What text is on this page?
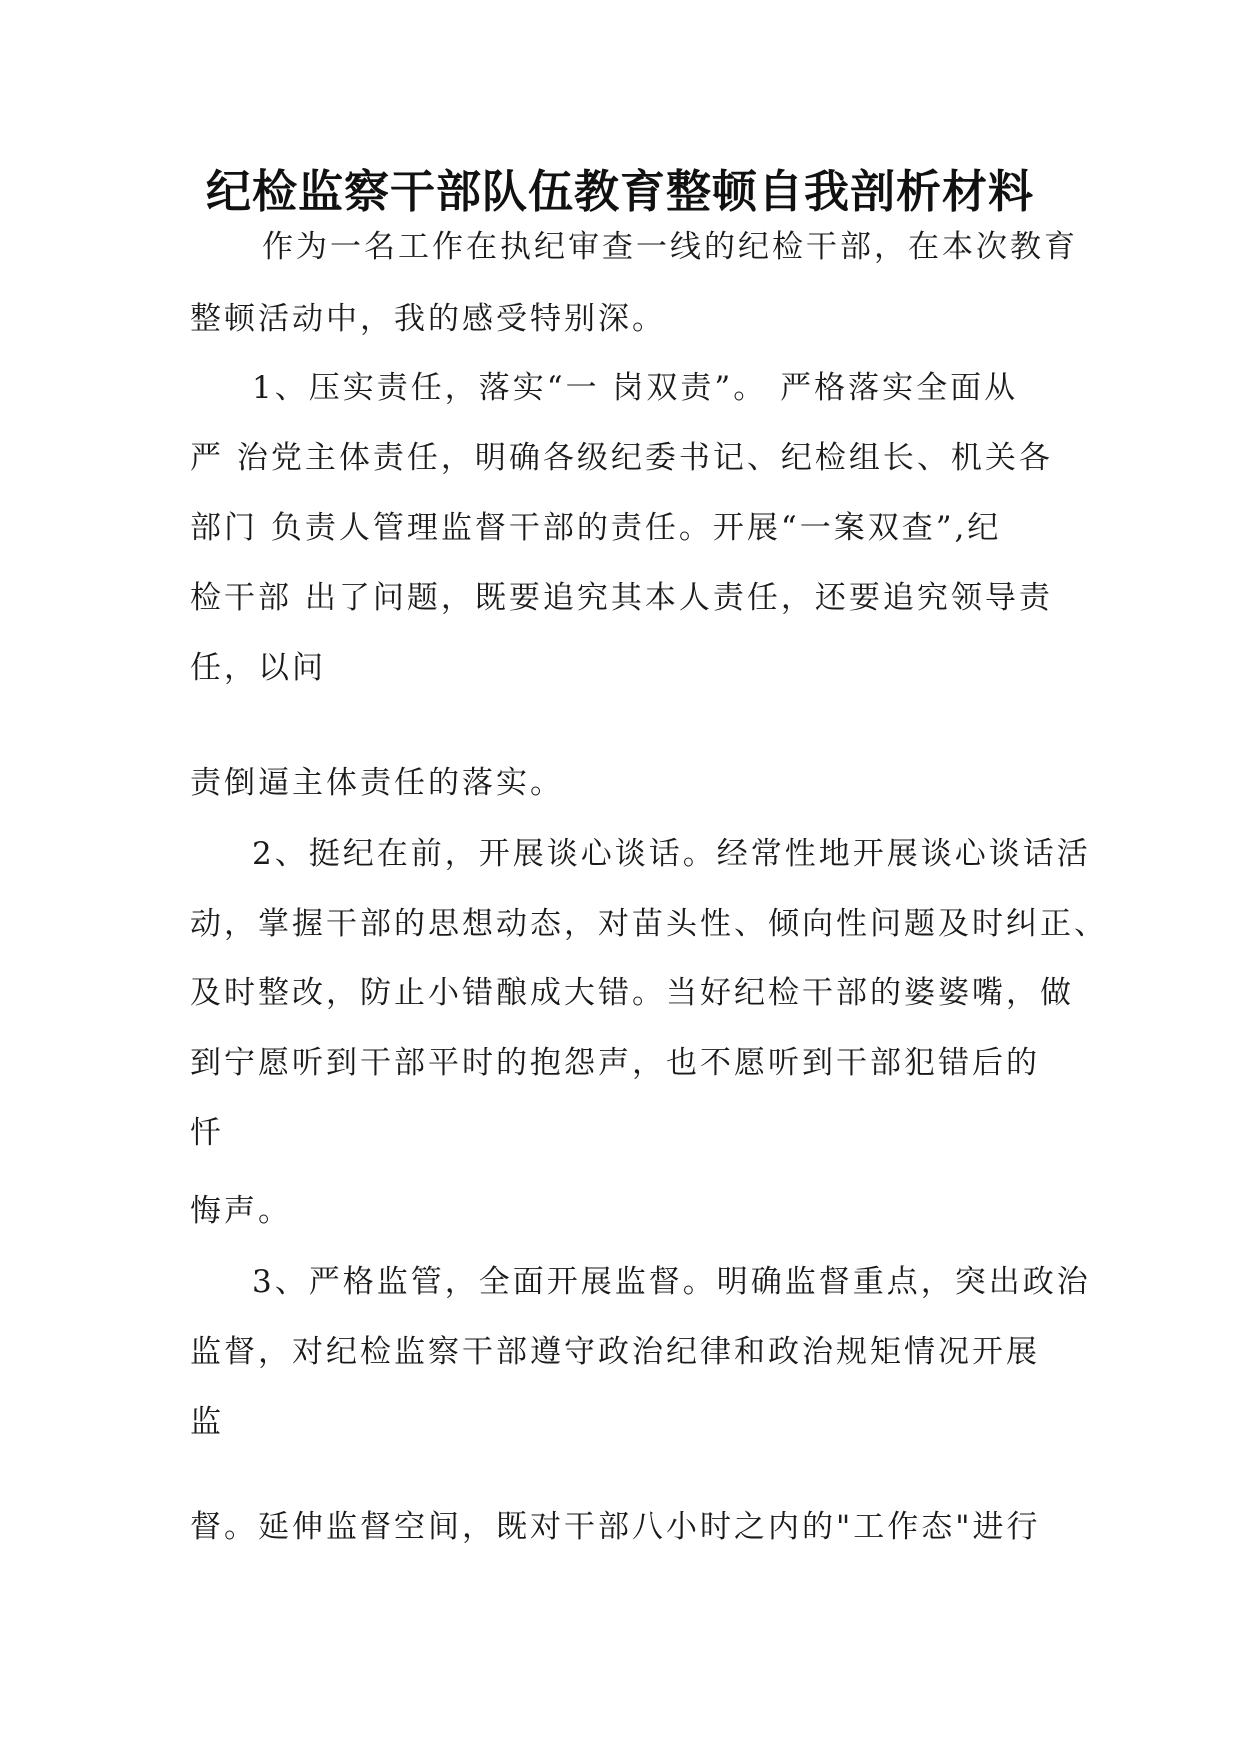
纪检监察干部队伍教育整顿自我剖析材料
作为一名工作在执纪审查一线的纪检干部，在本次教育
整顿活动中，我的感受特别深。
1、压实责任，落实“一 岗双责”。 严格落实全面从
严 治党主体责任，明确各级纪委书记、纪检组长、机关各
部门 负责人管理监督干部的责任。开展“一案双查”,纪
检干部 出了问题，既要追究其本人责任，还要追究领导责
任，以问
责倒逼主体责任的落实。
2、挺纪在前，开展谈心谈话。经常性地开展谈心谈话活
动，掌握干部的思想动态，对苗头性、倾向性问题及时纠正、
及时整改，防止小错酿成大错。当好纪检干部的婆婆嘴，做
到宁愿听到干部平时的抱怨声，也不愿听到干部犯错后的
忏
悔声。
3、严格监管，全面开展监督。明确监督重点，突出政治
监督，对纪检监察干部遵守政治纪律和政治规矩情况开展
监
督。延伸监督空间，既对干部八小时之内的"工作态"进行
